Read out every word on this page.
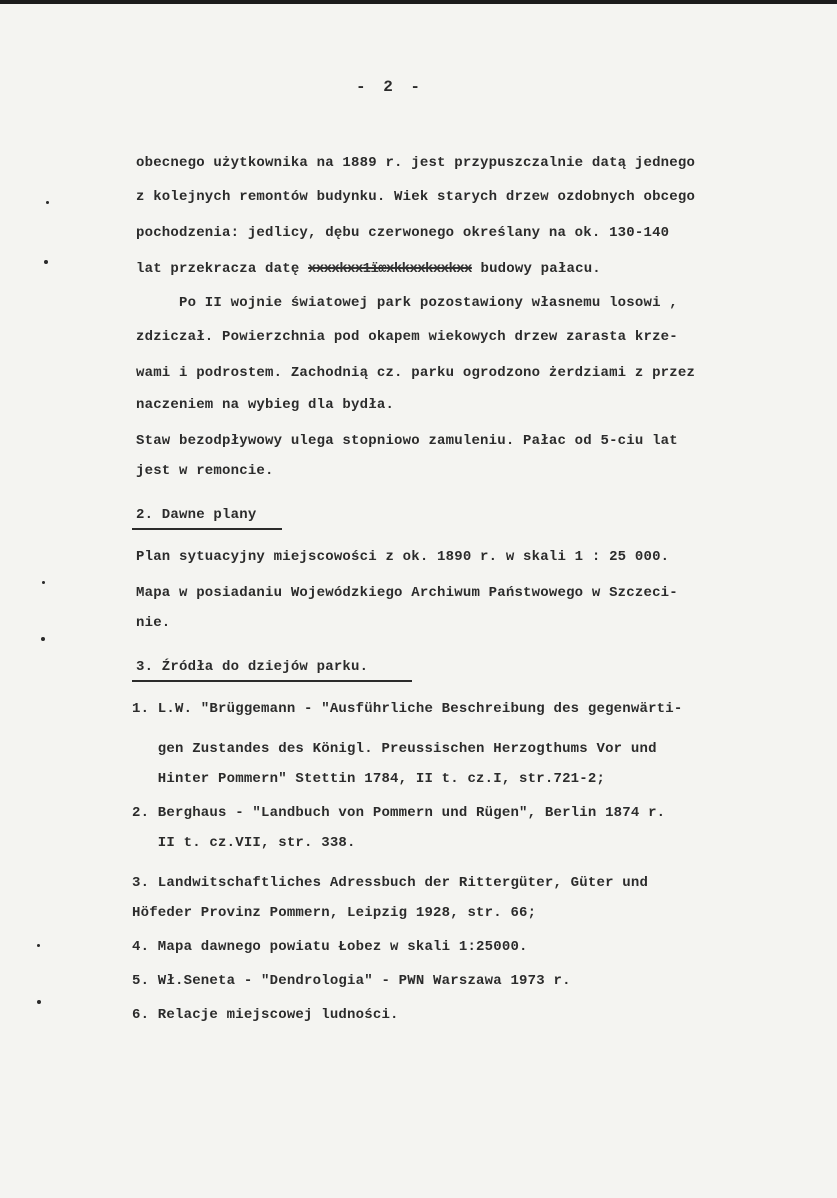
- 2 -
obecnego użytkownika na 1889 r. jest przypuszczalnie datą jednego
z kolejnych remontów budynku. Wiek starych drzew ozdobnych obcego
pochodzenia: jedlicy, dębu czerwonego określany na ok. 130-140
lat przekracza datę xxxxkxx1ïœxkkxxkxxkxx budowy pałacu.
Po II wojnie światowej park pozostawiony własnemu losowi ,
zdziczał. Powierzchnia pod okapem wiekowych drzew zarasta krze-
wami i podrostem. Zachodnią cz. parku ogrodzono żerdziami z przez
naczeniem na wybieg dla bydła.
Staw bezodpływowy ulega stopniowo zamuleniu. Pałac od 5-ciu lat
jest w remoncie.
2. Dawne plany
Plan sytuacyjny miejscowości z ok. 1890 r. w skali 1 : 25 000.
Mapa w posiadaniu Wojewódzkiego Archiwum Państwowego w Szczeci-
nie.
3. Źródła do dziejów parku.
1. L.W. "Brüggemann - "Ausführliche Beschreibung des gegenwärti-
gen Zustandes des Königl. Preussischen Herzogthums Vor und
Hinter Pommern" Stettin 1784, II t. cz.I, str.721-2;
2. Berghaus - "Landbuch von Pommern und Rügen", Berlin 1874 r.
II t. cz.VII, str. 338.
3. Landwitschaftliches Adressbuch der Rittergüter, Güter und
Höfeder Provinz Pommern, Leipzig 1928, str. 66;
4. Mapa dawnego powiatu Łobez w skali 1:25000.
5. Wł.Seneta - "Dendrologia" - PWN Warszawa 1973 r.
6. Relacje miejscowej ludności.
